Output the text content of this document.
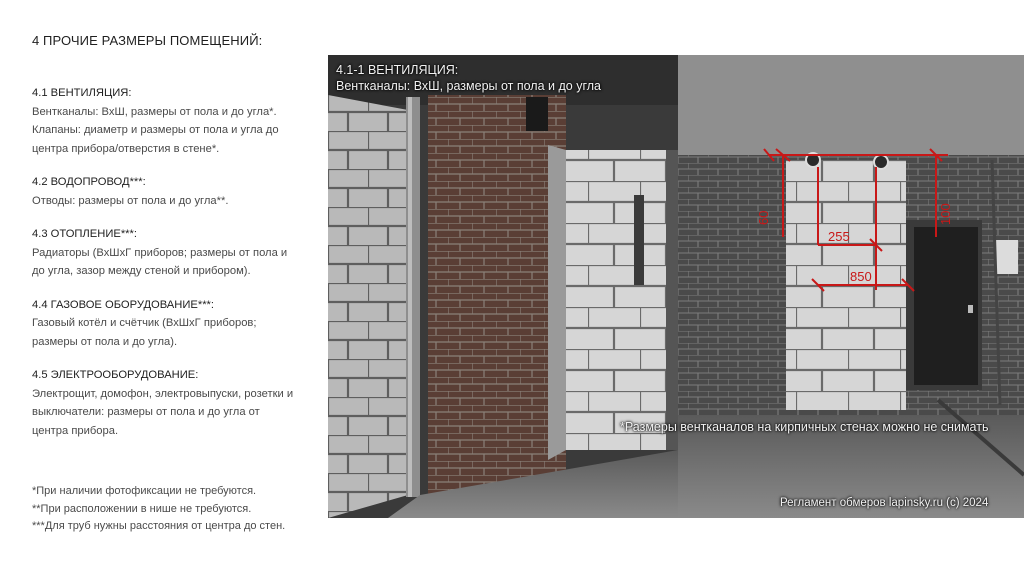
4 ПРОЧИЕ РАЗМЕРЫ ПОМЕЩЕНИЙ:
4.1 ВЕНТИЛЯЦИЯ:
Вентканалы: ВхШ, размеры от пола и до угла*.
Клапаны: диаметр и размеры от пола и угла до
центра прибора/отверстия в стене*.
4.2 ВОДОПРОВОД***:
Отводы: размеры от пола и до угла**.
4.3 ОТОПЛЕНИЕ***:
Радиаторы (ВхШхГ приборов; размеры от пола и
до угла, зазор между стеной и прибором).
4.4 ГАЗОВОЕ ОБОРУДОВАНИЕ***:
Газовый котёл и счётчик (ВхШхГ приборов;
размеры от пола и до угла).
4.5 ЭЛЕКТРООБОРУДОВАНИЕ:
Электрощит, домофон, электровыпуски, розетки и
выключатели: размеры от пола и до угла от
центра прибора.
*При наличии фотофиксации не требуются.
**При расположении в нише не требуются.
***Для труб нужны расстояния от центра до стен.
60	100
255
850
4.1-1 ВЕНТИЛЯЦИЯ:
Вентканалы: ВхШ, размеры от пола и до угла
*Размеры вентканалов на кирпичных стенах можно не снимать
Регламент обмеров lapinsky.ru (с) 2024
